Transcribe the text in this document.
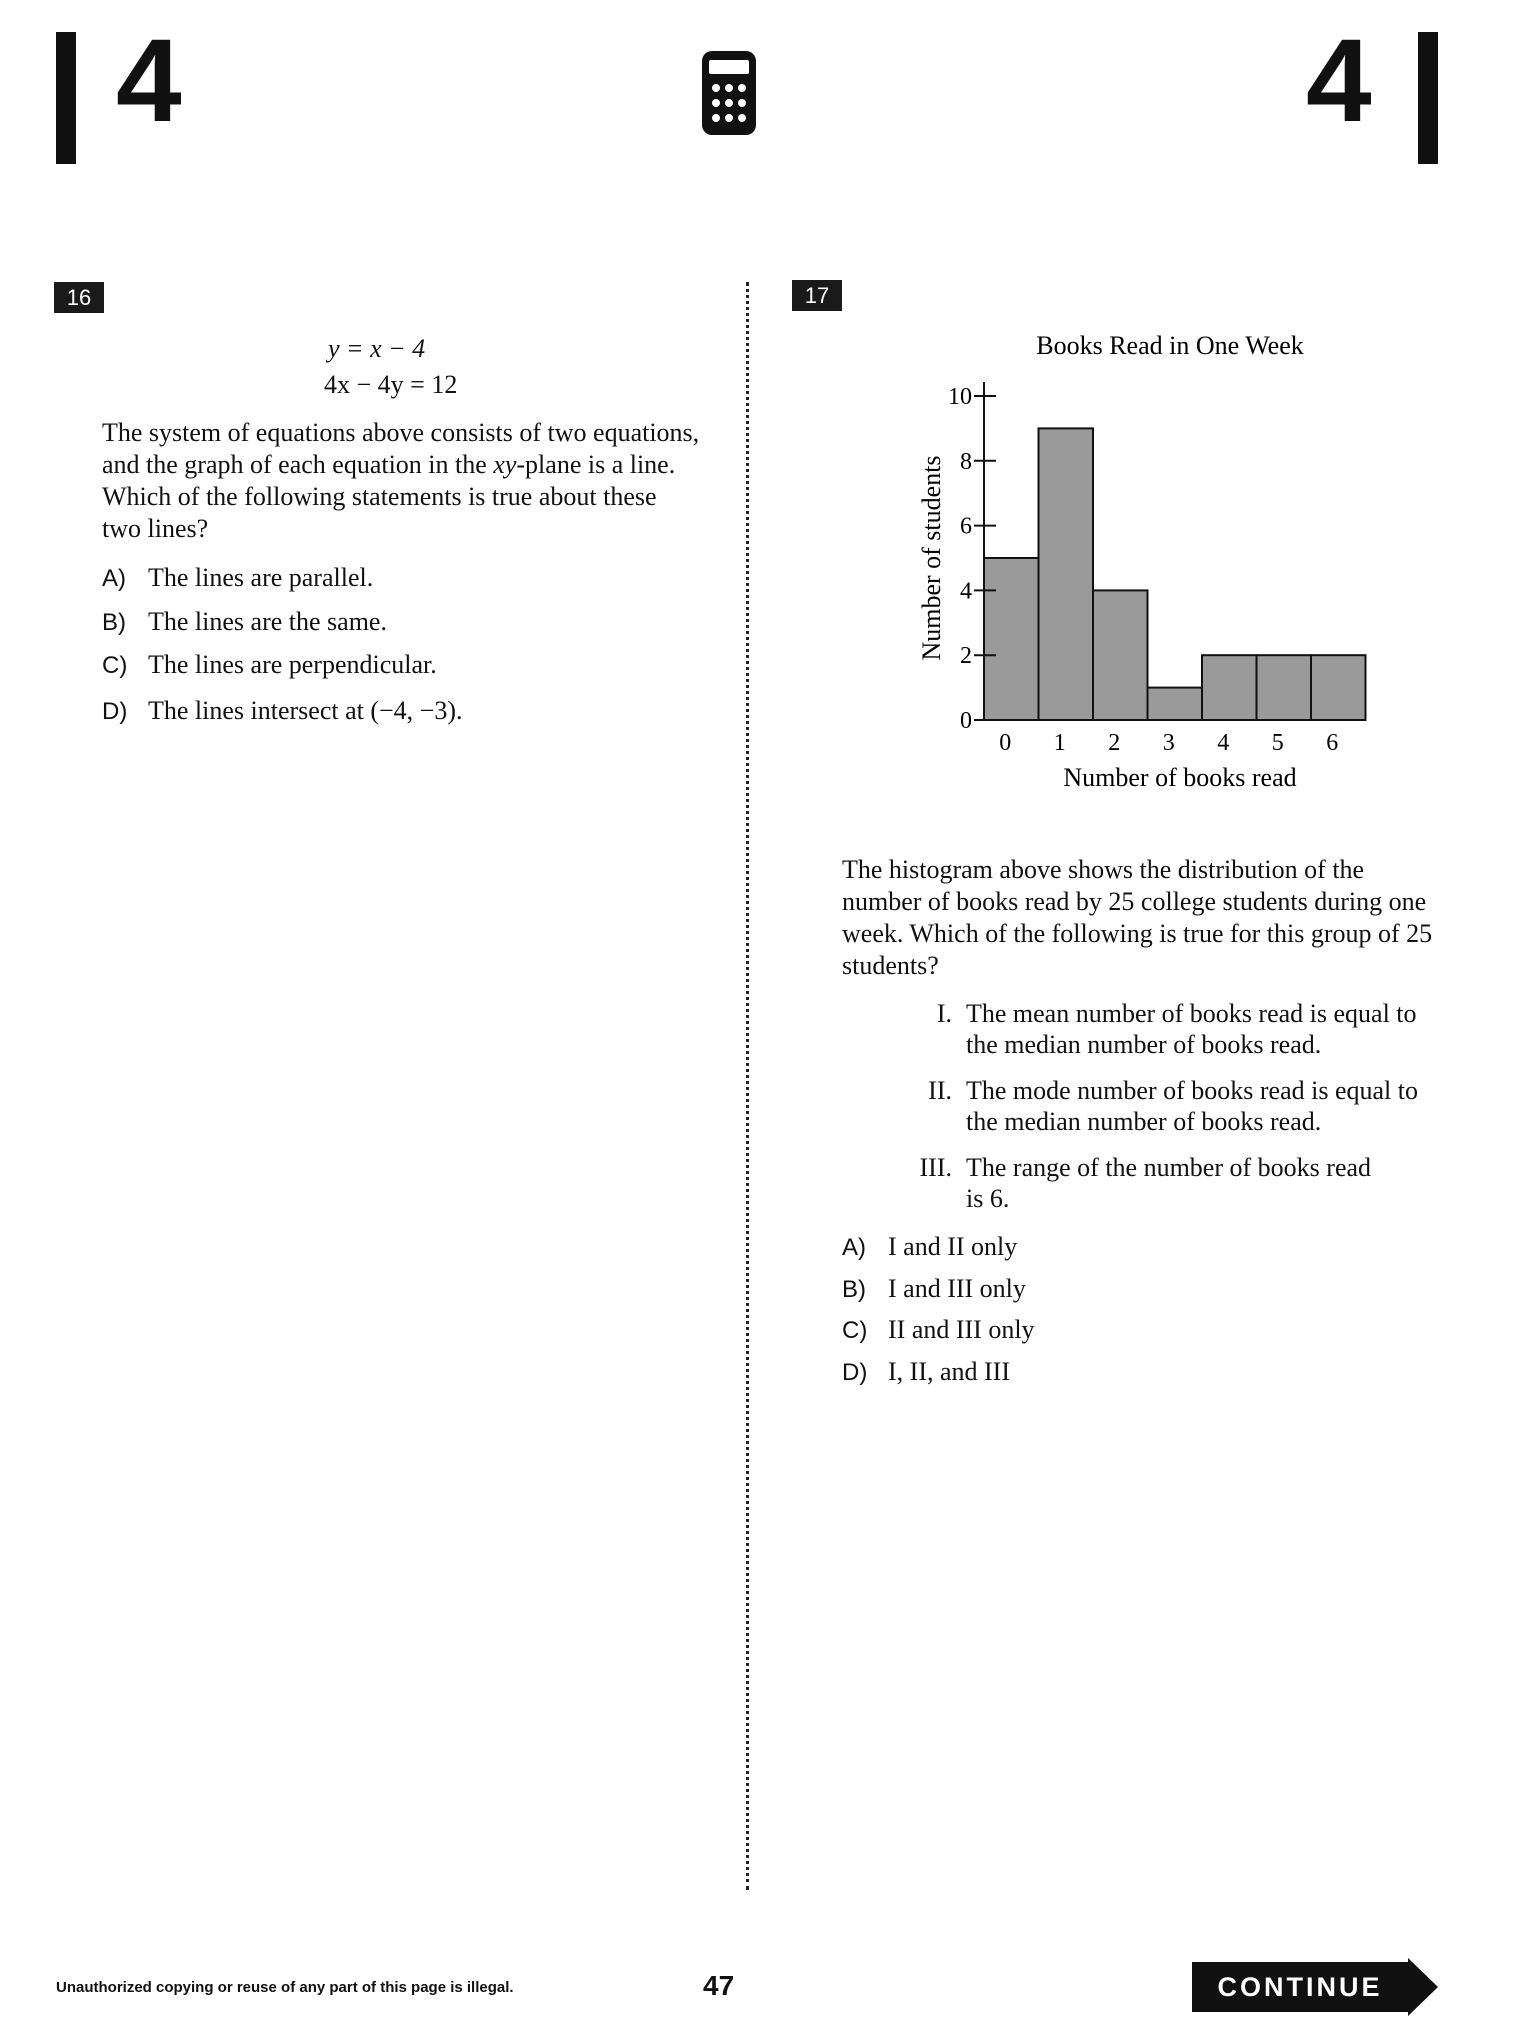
4	4
16
y = x − 4
4x − 4y = 12
The system of equations above consists of two equations, and the graph of each equation in the xy-plane is a line. Which of the following statements is true about these two lines?
A) The lines are parallel.
B) The lines are the same.
C) The lines are perpendicular.
D) The lines intersect at (−4, −3).
17
Books Read in One Week
0
2
4
6
8
10
0 1 2 3 4 5 6
Number of books read
Number of students
The histogram above shows the distribution of the number of books read by 25 college students during one week. Which of the following is true for this group of 25 students?
I. The mean number of books read is equal to the median number of books read.
II. The mode number of books read is equal to the median number of books read.
III. The range of the number of books read is 6.
A) I and II only
B) I and III only
C) II and III only
D) I, II, and III
Unauthorized copying or reuse of any part of this page is illegal.	47	CONTINUE
